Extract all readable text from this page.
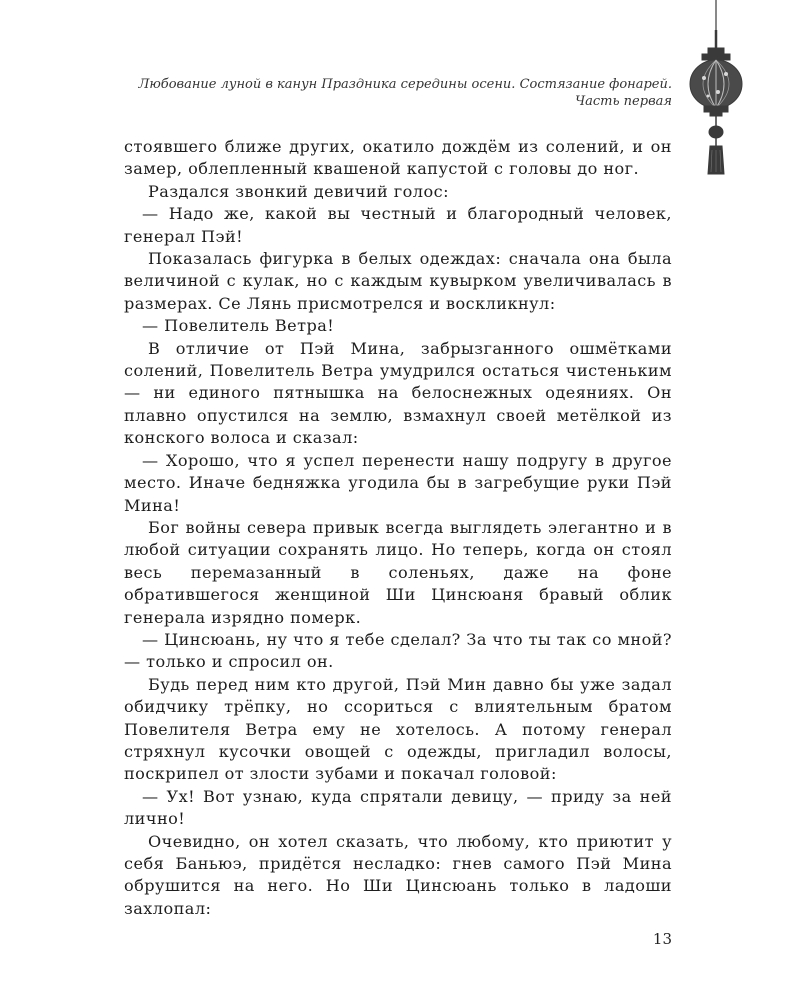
Любование луной в канун Праздника середины осени. Состязание фонарей.
Часть первая

стоявшего ближе других, окатило дождём из солений, и он замер, облепленный квашеной капустой с головы до ног.

Раздался звонкий девичий голос:

— Надо же, какой вы честный и благородный человек, генерал Пэй!

Показалась фигурка в белых одеждах: сначала она была величиной с кулак, но с каждым кувырком увеличивалась в размерах. Се Лянь присмотрелся и воскликнул:

— Повелитель Ветра!

В отличие от Пэй Мина, забрызганного ошмётками солений, Повелитель Ветра умудрился остаться чистеньким — ни единого пятнышка на белоснежных одеяниях. Он плавно опустился на землю, взмахнул своей метёлкой из конского волоса и сказал:

— Хорошо, что я успел перенести нашу подругу в другое место. Иначе бедняжка угодила бы в загребущие руки Пэй Мина!

Бог войны севера привык всегда выглядеть элегантно и в любой ситуации сохранять лицо. Но теперь, когда он стоял весь перемазанный в соленьях, даже на фоне обратившегося женщиной Ши Цинсюаня бравый облик генерала изрядно померк.

— Цинсюань, ну что я тебе сделал? За что ты так со мной? — только и спросил он.

Будь перед ним кто другой, Пэй Мин давно бы уже задал обидчику трёпку, но ссориться с влиятельным братом Повелителя Ветра ему не хотелось. А потому генерал стряхнул кусочки овощей с одежды, пригладил волосы, поскрипел от злости зубами и покачал головой:

— Ух! Вот узнаю, куда спрятали девицу, — приду за ней лично!

Очевидно, он хотел сказать, что любому, кто приютит у себя Баньюэ, придётся несладко: гнев самого Пэй Мина обрушится на него. Но Ши Цинсюань только в ладоши захлопал:

13
